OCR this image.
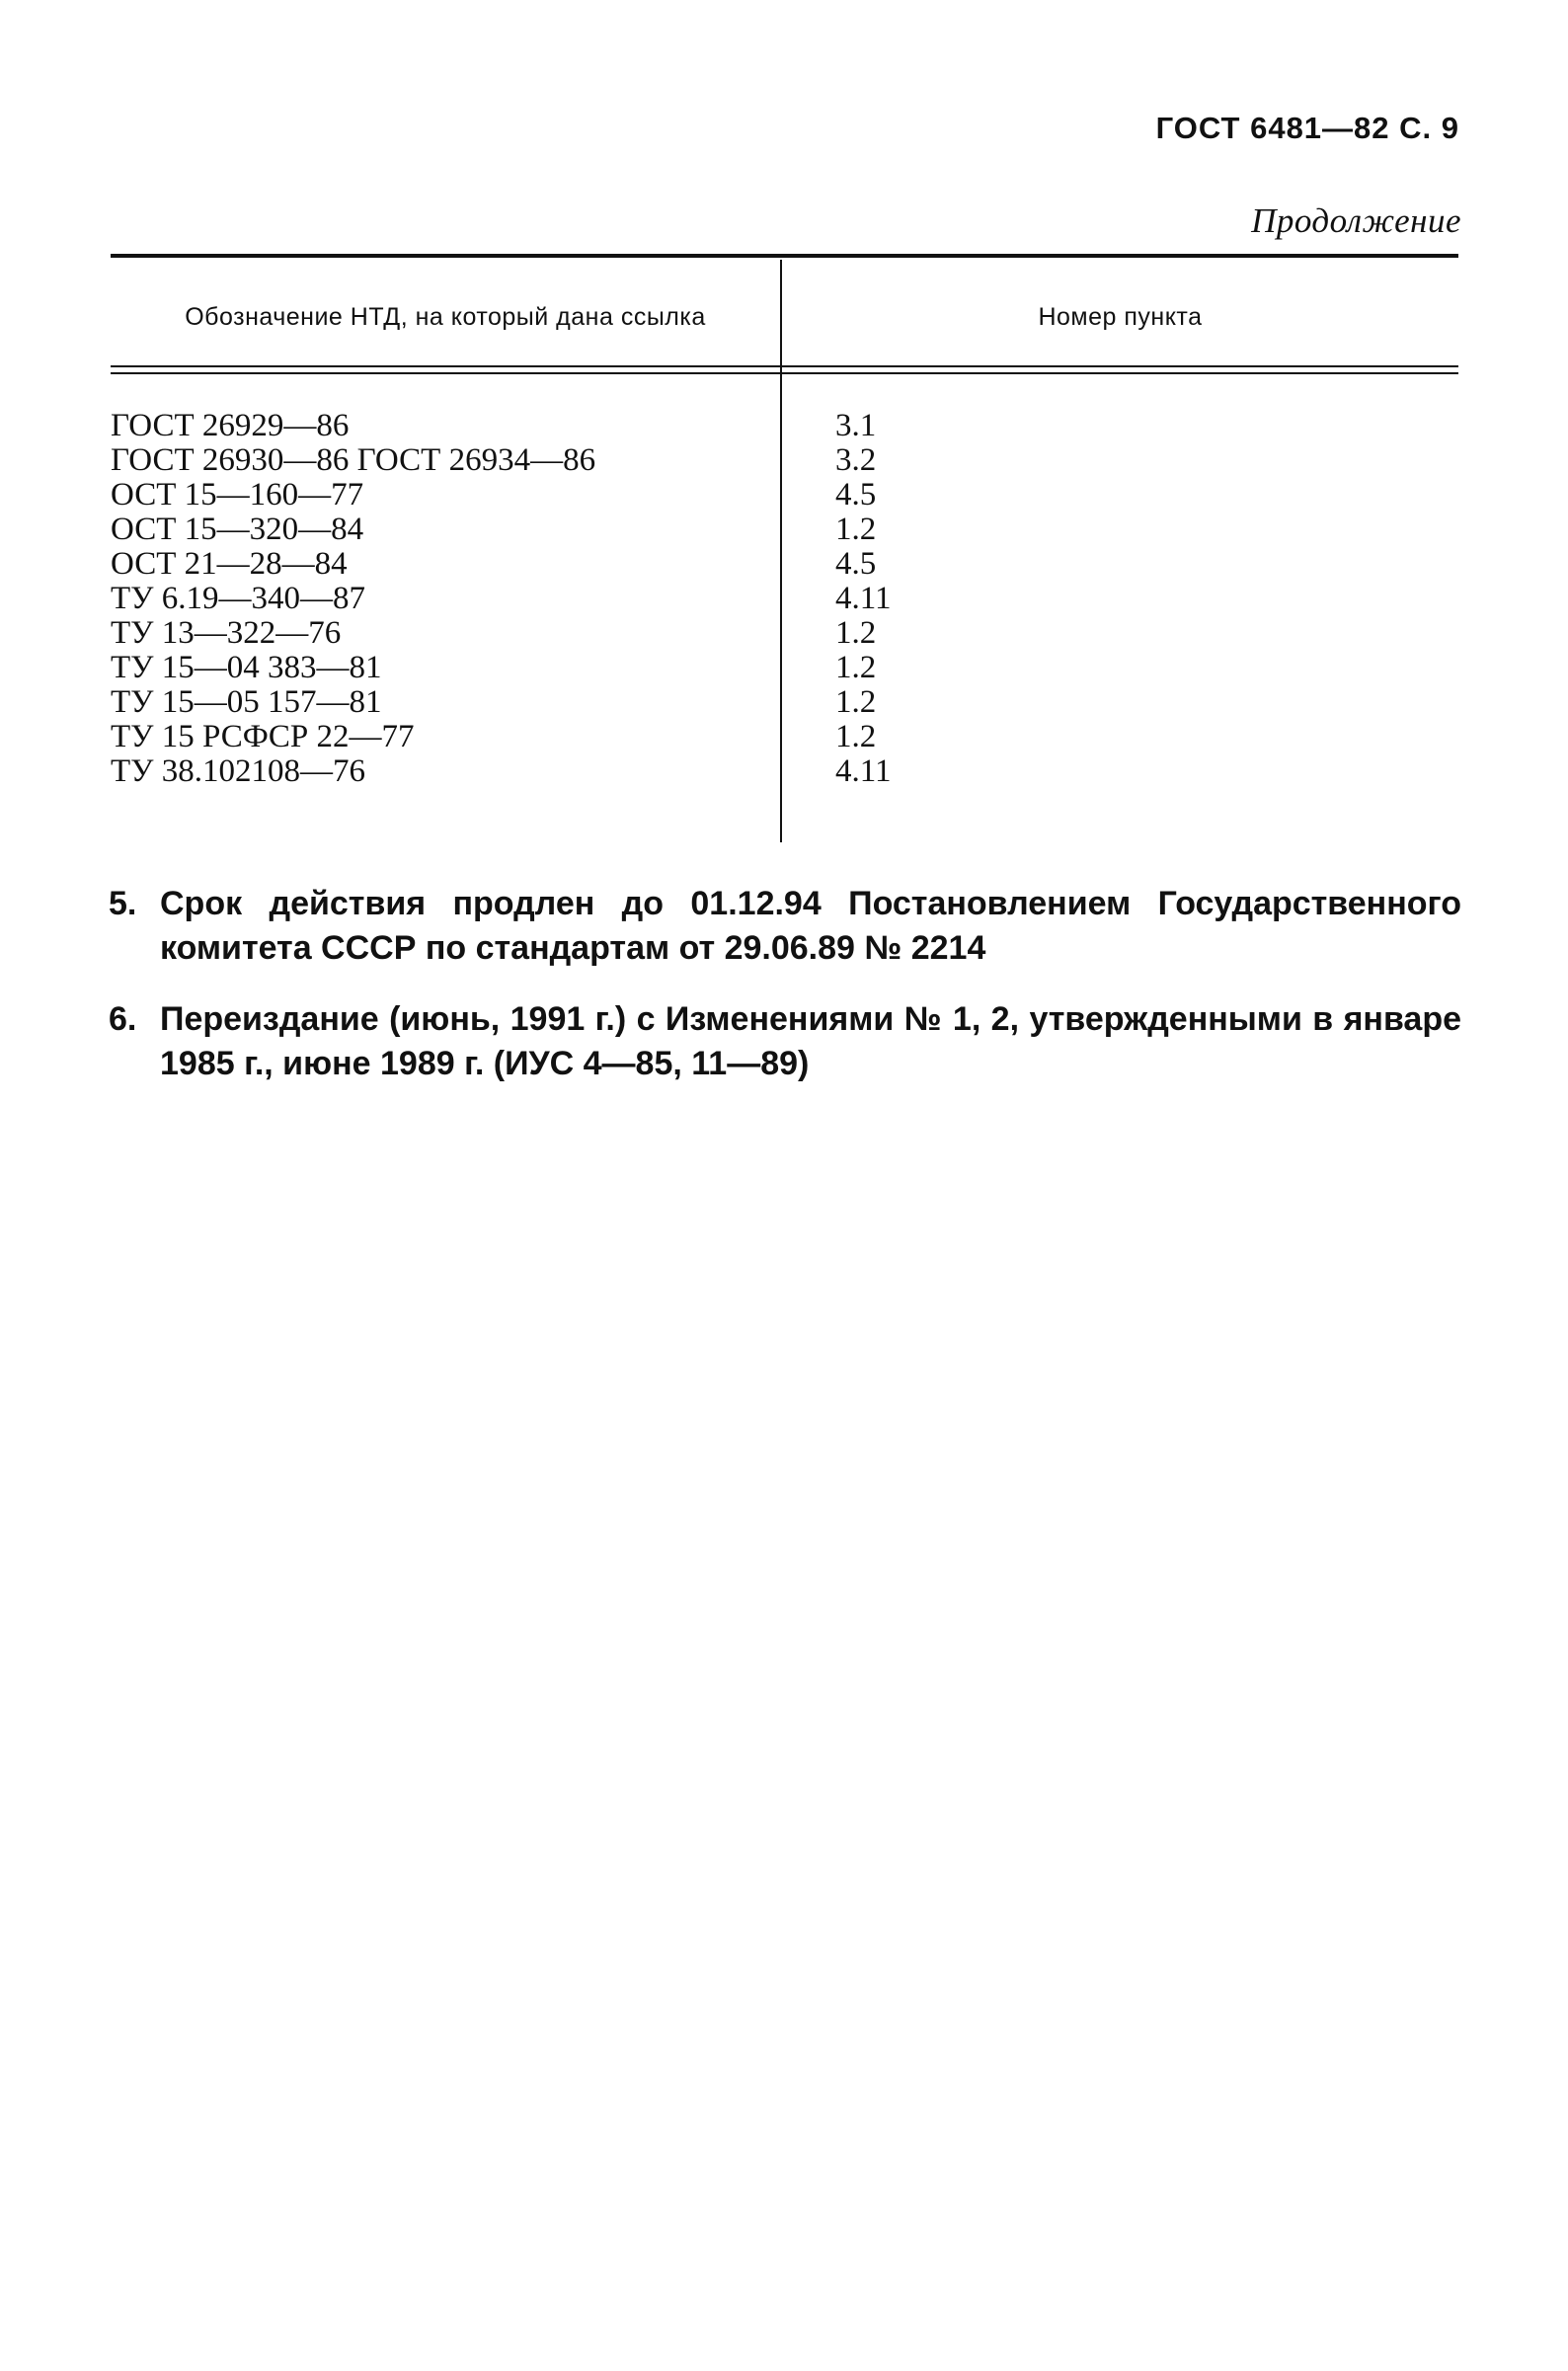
ГОСТ 6481—82 С. 9
Продолжение
Обозначение НТД, на который дана ссылка	Номер пункта
ГОСТ 26929—86	3.1
ГОСТ 26930—86 ГОСТ 26934—86	3.2
ОСТ 15—160—77	4.5
ОСТ 15—320—84	1.2
ОСТ 21—28—84	4.5
ТУ 6.19—340—87	4.11
ТУ 13—322—76	1.2
ТУ 15—04 383—81	1.2
ТУ 15—05 157—81	1.2
ТУ 15 РСФСР 22—77	1.2
ТУ 38.102108—76	4.11
5. Срок действия продлен до 01.12.94 Постановлением Государственного комитета СССР по стандартам от 29.06.89 № 2214
6. Переиздание (июнь, 1991 г.) с Изменениями № 1, 2, утвержденными в январе 1985 г., июне 1989 г. (ИУС 4—85, 11—89)
